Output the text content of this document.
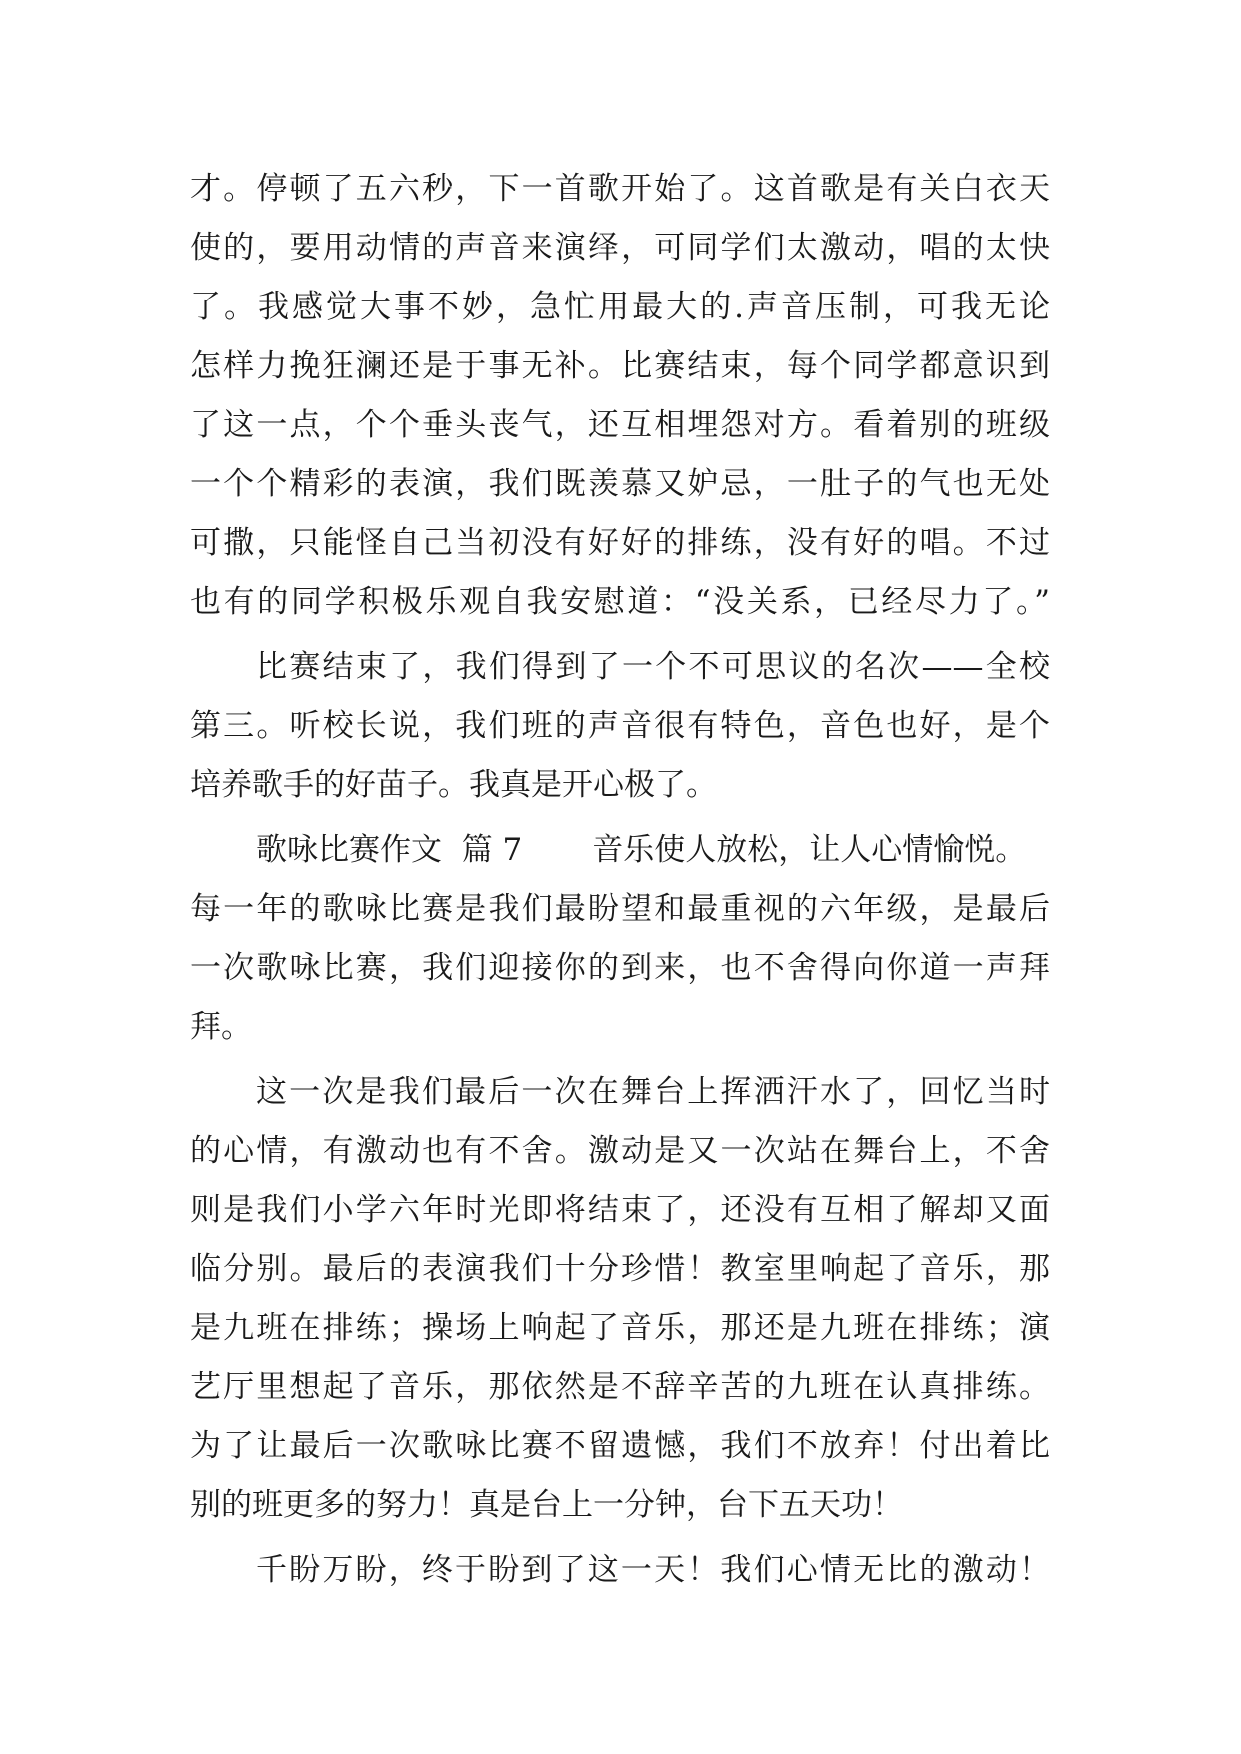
才。停顿了五六秒，下一首歌开始了。这首歌是有关白衣天
使的，要用动情的声音来演绎，可同学们太激动，唱的太快
了。我感觉大事不妙，急忙用最大的.声音压制，可我无论
怎样力挽狂澜还是于事无补。比赛结束，每个同学都意识到
了这一点，个个垂头丧气，还互相埋怨对方。看着别的班级
一个个精彩的表演，我们既羡慕又妒忌，一肚子的气也无处
可撒，只能怪自己当初没有好好的排练，没有好的唱。不过
也有的同学积极乐观自我安慰道：“没关系，已经尽力了。”
比赛结束了，我们得到了一个不可思议的名次——全校
第三。听校长说，我们班的声音很有特色，音色也好，是个
培养歌手的好苗子。我真是开心极了。
歌咏比赛作文  篇 7 音乐使人放松，让人心情愉悦。
每一年的歌咏比赛是我们最盼望和最重视的六年级，是最后
一次歌咏比赛，我们迎接你的到来，也不舍得向你道一声拜
拜。
这一次是我们最后一次在舞台上挥洒汗水了，回忆当时
的心情，有激动也有不舍。激动是又一次站在舞台上，不舍
则是我们小学六年时光即将结束了，还没有互相了解却又面
临分别。最后的表演我们十分珍惜！教室里响起了音乐，那
是九班在排练；操场上响起了音乐，那还是九班在排练；演
艺厅里想起了音乐，那依然是不辞辛苦的九班在认真排练。
为了让最后一次歌咏比赛不留遗憾，我们不放弃！付出着比
别的班更多的努力！真是台上一分钟，台下五天功！
千盼万盼，终于盼到了这一天！我们心情无比的激动！
